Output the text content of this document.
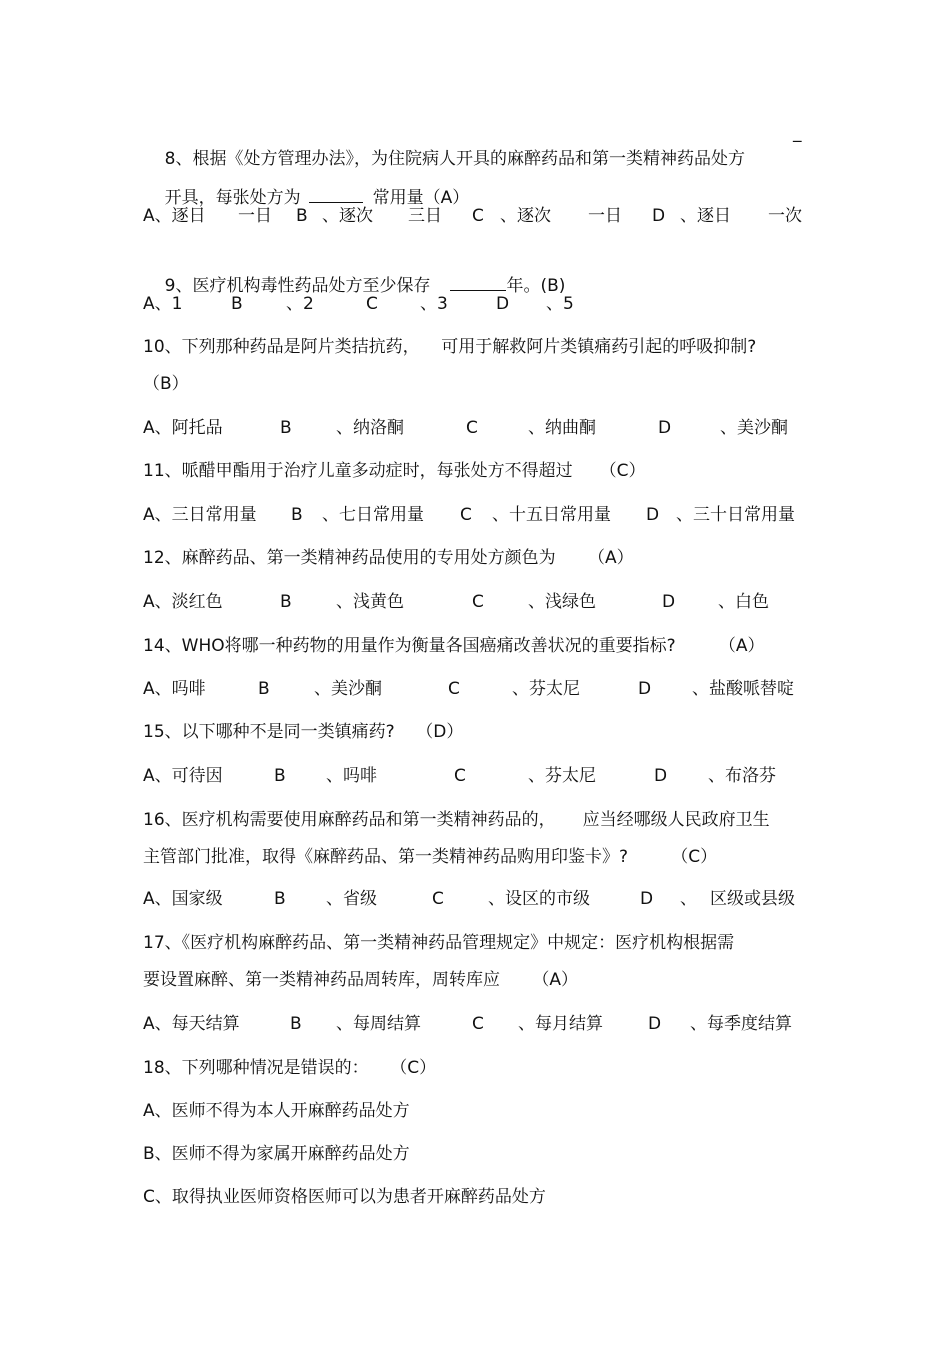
8、根据《处方管理办法》，为住院病人开具的麻醉药品和第一类精神药品处方

_

开具，每张处方为	常用量（A）

A、逐日 一日 B 、逐次 三日 C 、逐次 一日 D 、逐日 一次

9、医疗机构毒性药品处方至少保存	年。(B)

A、1	B	、2	C 、3	D 、5
10、下列那种药品是阿片类拮抗药，    可用于解救阿片类镇痛药引起的呼吸抑制?
（B）
A、阿托品	B	、纳洛酮	C	、纳曲酮	D	、美沙酮
11、哌醋甲酯用于治疗儿童多动症时，每张处方不得超过     （C）
A、三日常用量 B 、七日常用量 C 、十五日常用量 D 、三十日常用量
12、麻醉药品、第一类精神药品使用的专用处方颜色为      （A）
A、淡红色	B	、浅黄色	C	、浅绿色	D	、白色
14、WHO将哪一种药物的用量作为衡量各国癌痛改善状况的重要指标?        （A）
A、吗啡	B	、美沙酮	C	、芬太尼	D 、盐酸哌替啶
15、以下哪种不是同一类镇痛药?    （D）
A、可待因	B 、吗啡	C	、芬太尼	D 、布洛芬
16、医疗机构需要使用麻醉药品和第一类精神药品的，     应当经哪级人民政府卫生
主管部门批准，取得《麻醉药品、第一类精神药品购用印鉴卡》?        （C）
A、国家级	B 、省级	C	、设区的市级	D 、 区级或县级
17、《医疗机构麻醉药品、第一类精神药品管理规定》中规定：医疗机构根据需
要设置麻醉、第一类精神药品周转库，周转库应      （A）
A、每天结算	B 、每周结算	C 、每月结算	D 、每季度结算
18、下列哪种情况是错误的：    （C）
A、医师不得为本人开麻醉药品处方
B、医师不得为家属开麻醉药品处方
C、取得执业医师资格医师可以为患者开麻醉药品处方
